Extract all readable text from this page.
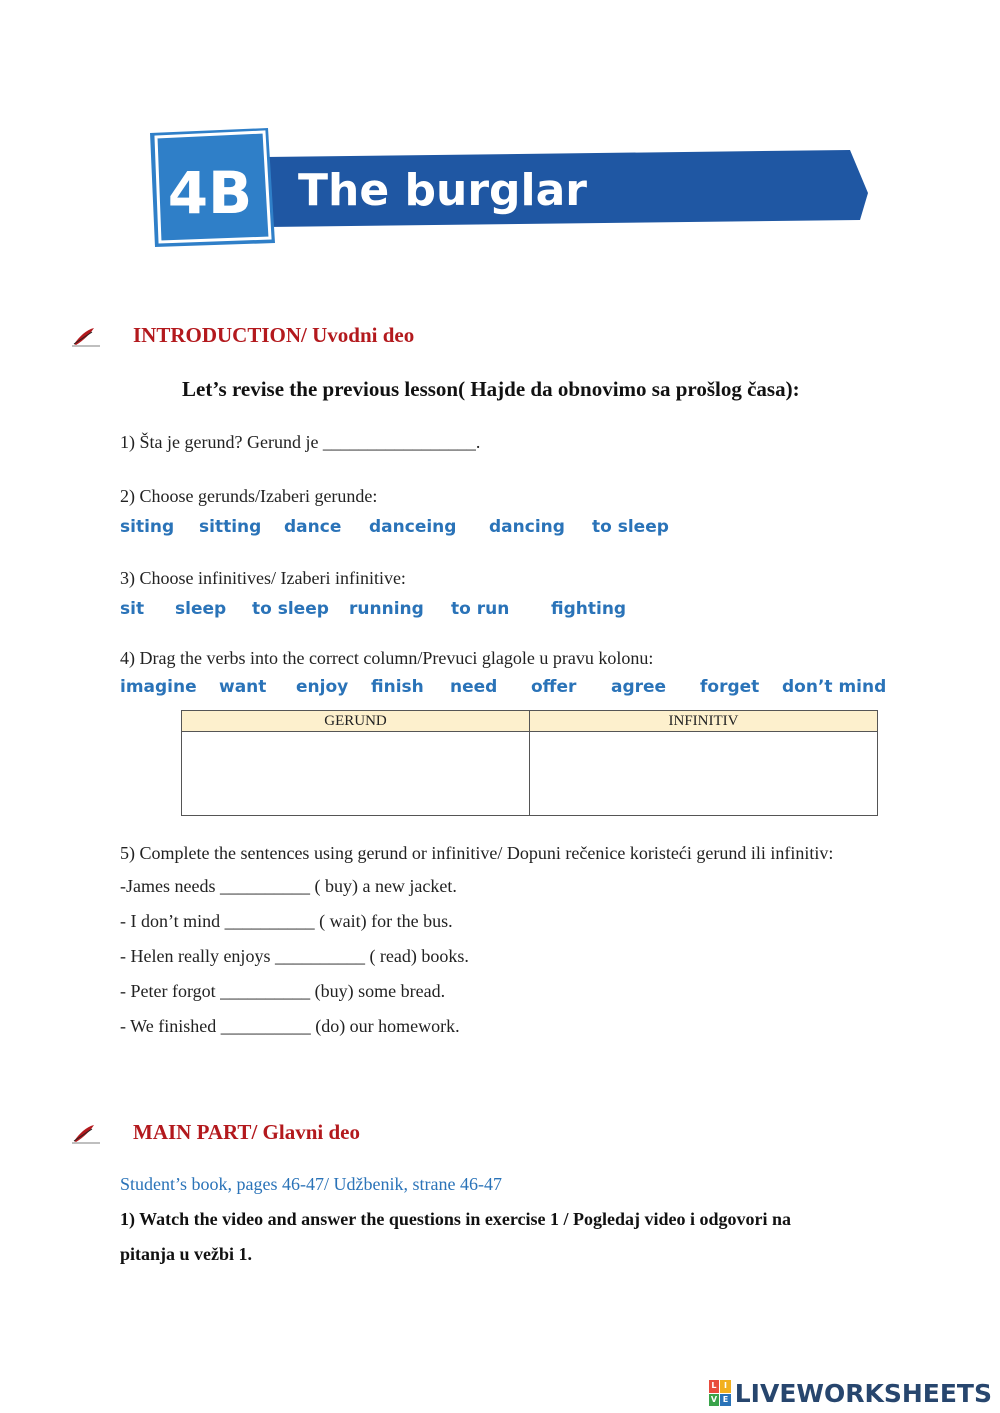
4B The burglar
INTRODUCTION/ Uvodni deo
Let’s revise the previous lesson( Hajde da obnovimo sa prošlog časa):
1) Šta je gerund? Gerund je _________________.
2) Choose gerunds/Izaberi gerunde:
siting sitting dance danceing dancing to sleep
3) Choose infinitives/ Izaberi infinitive:
sit sleep to sleep running to run fighting
4) Drag the verbs into the correct column/Prevuci glagole u pravu kolonu:
imagine want enjoy finish need offer agree forget don’t mind
GERUND	INFINITIV
5) Complete the sentences using gerund or infinitive/ Dopuni rečenice koristeći gerund ili infinitiv:
-James needs __________ ( buy) a new jacket.
- I don’t mind __________ ( wait) for the bus.
- Helen really enjoys __________ ( read) books.
- Peter forgot __________ (buy) some bread.
- We finished __________ (do) our homework.
MAIN PART/ Glavni deo
Student’s book, pages 46-47/ Udžbenik, strane 46-47
1) Watch the video and answer the questions in exercise 1 / Pogledaj video i odgovori na
pitanja u vežbi 1.
L I
V E LIVEWORKSHEETS
